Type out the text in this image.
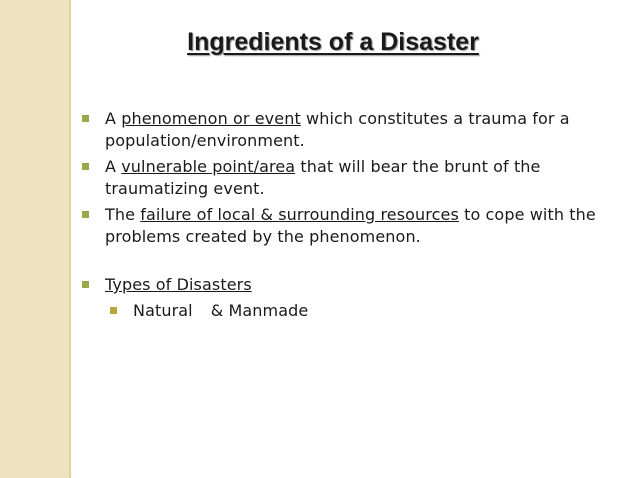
Ingredients of a Disaster
A phenomenon or event which constitutes a trauma for a population/environment.
A vulnerable point/area that will bear the brunt of the traumatizing event.
The failure of local & surrounding resources to cope with the problems created by the phenomenon.
Types of Disasters
Natural & Manmade
